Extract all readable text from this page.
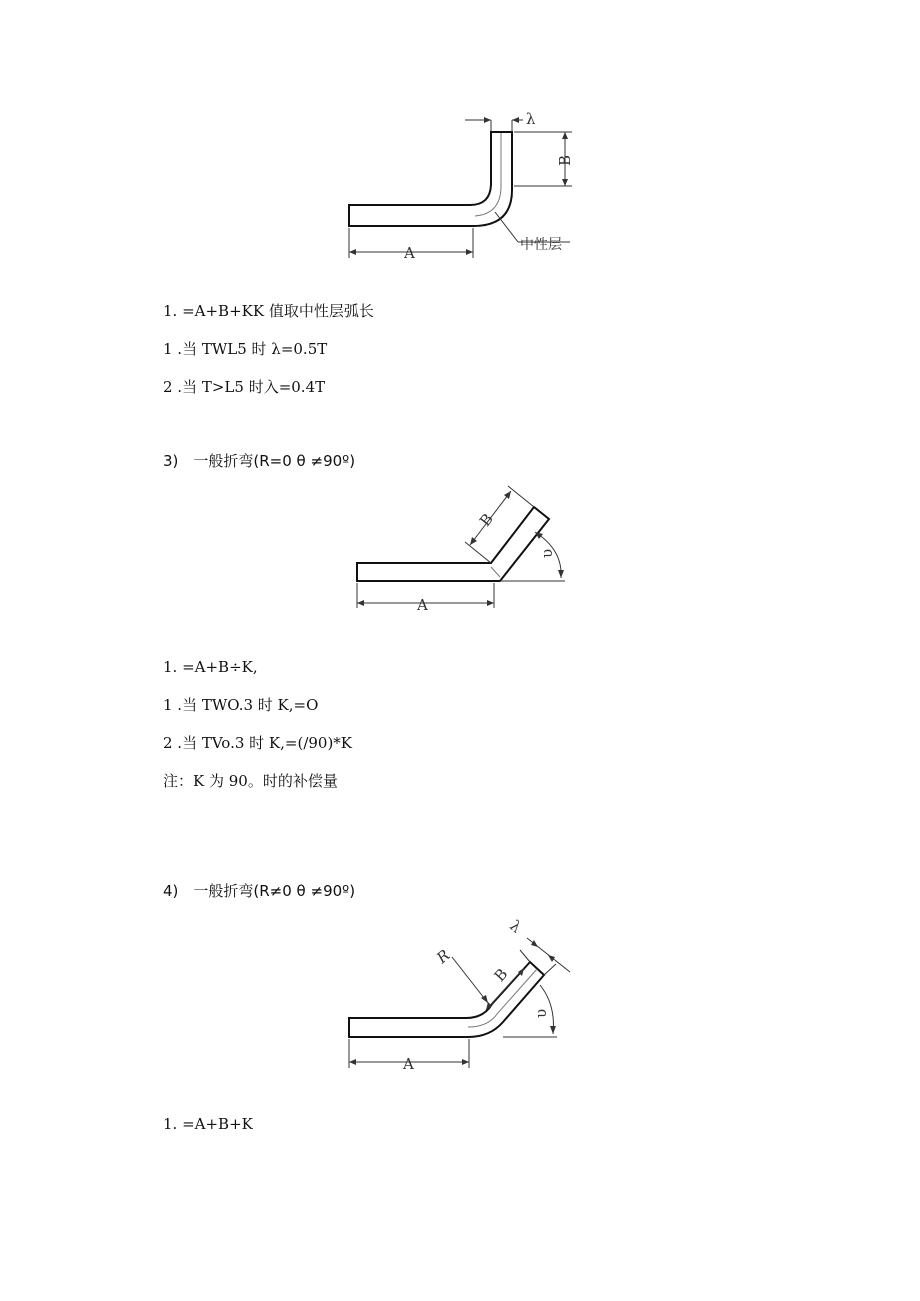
λ
B
A	中性层
1. =A+B+KK 值取中性层弧长
1 .当 TWL5 时 λ=0.5T
2 .当 T>L5 时入=0.4T
3)　一般折弯(R=0 θ ≠90º)
B
υ
A
1. =A+B÷K,
1 .当 TWO.3 时 K,=O
2 .当 TVo.3 时 K,=(/90)*K
注：K 为 90。时的补偿量
4)　一般折弯(R≠0 θ ≠90º)
λ
R
B
υ
A
1. =A+B+K
